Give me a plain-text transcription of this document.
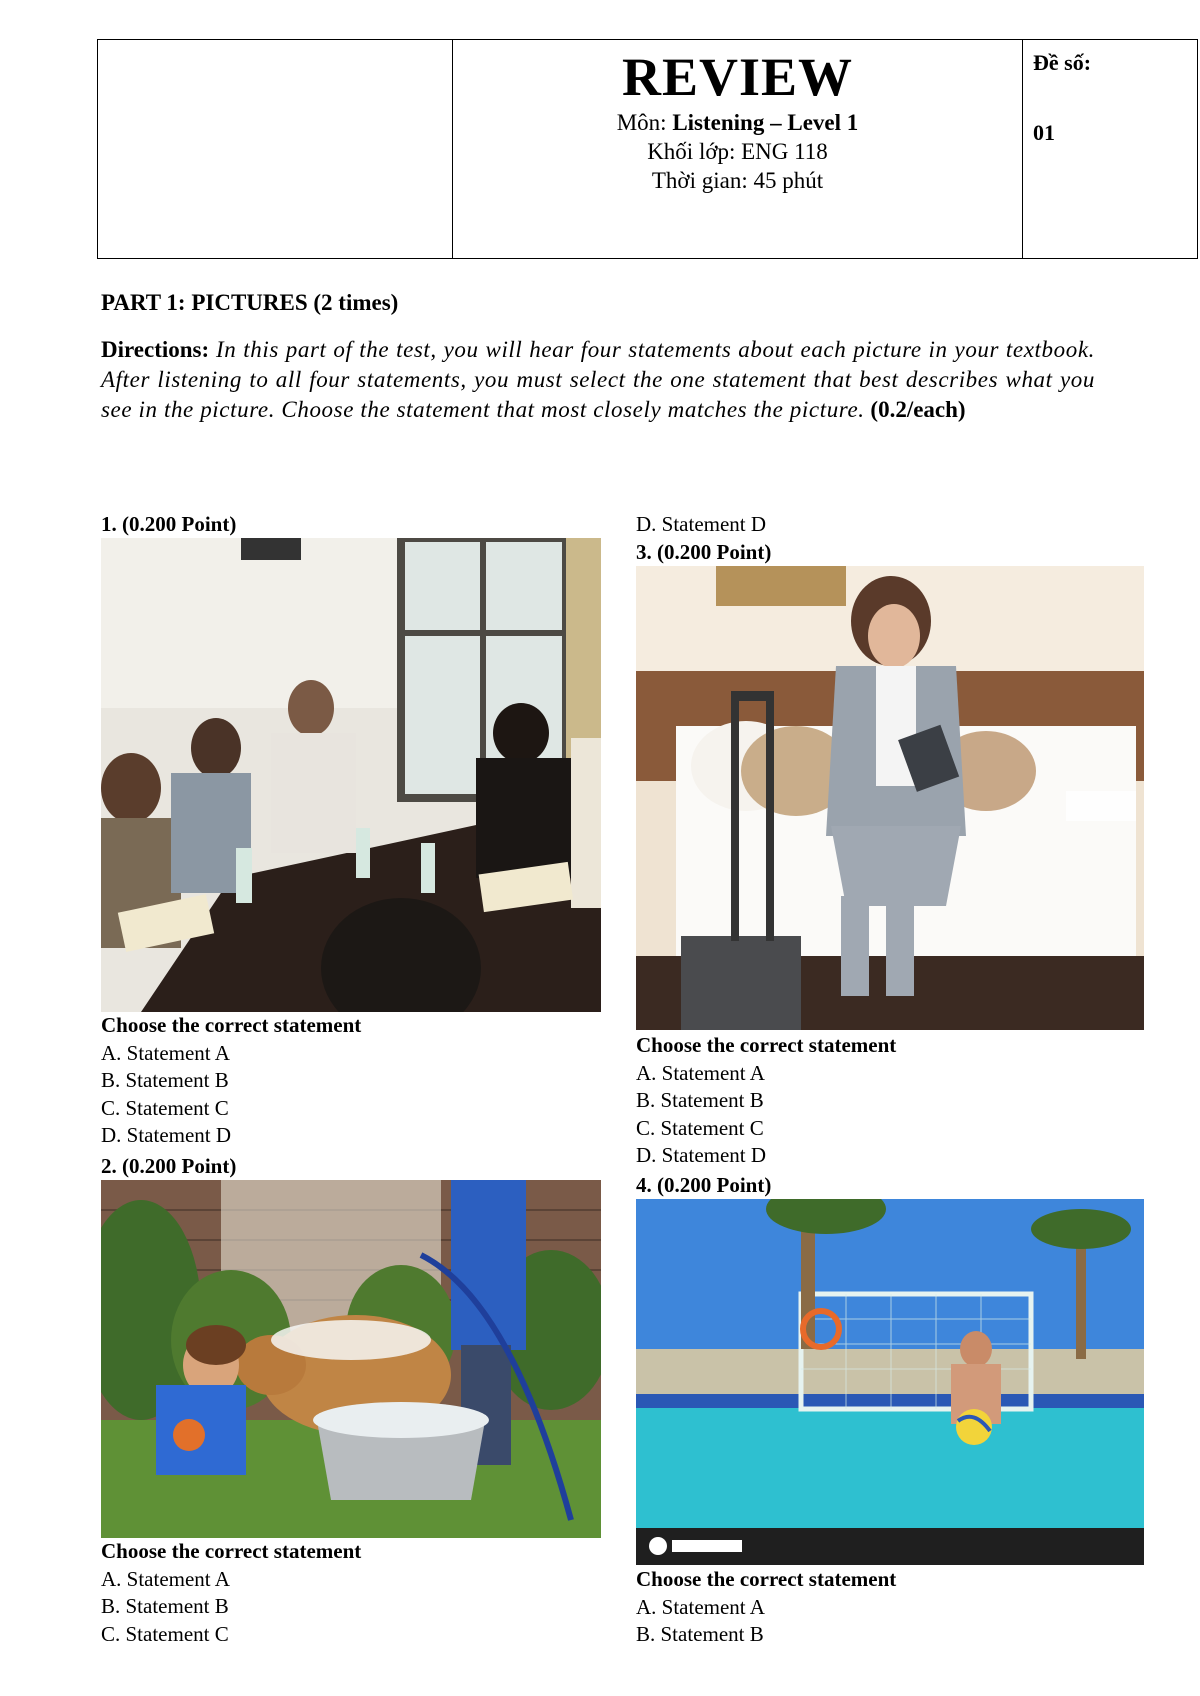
REVIEW
Môn: Listening – Level 1
Khối lớp: ENG 118
Thời gian: 45 phút
Đề số:
01
PART 1: PICTURES (2 times)
Directions: In this part of the test, you will hear four statements about each picture in your textbook. After listening to all four statements, you must select the one statement that best describes what you see in the picture. Choose the statement that most closely matches the picture. (0.2/each)
1. (0.200 Point)
Choose the correct statement
A. Statement A
B. Statement B
C. Statement C
D. Statement D
2. (0.200 Point)
Choose the correct statement
A. Statement A
B. Statement B
C. Statement C
D. Statement D
3. (0.200 Point)
Choose the correct statement
A. Statement A
B. Statement B
C. Statement C
D. Statement D
4. (0.200 Point)
Choose the correct statement
A. Statement A
B. Statement B
